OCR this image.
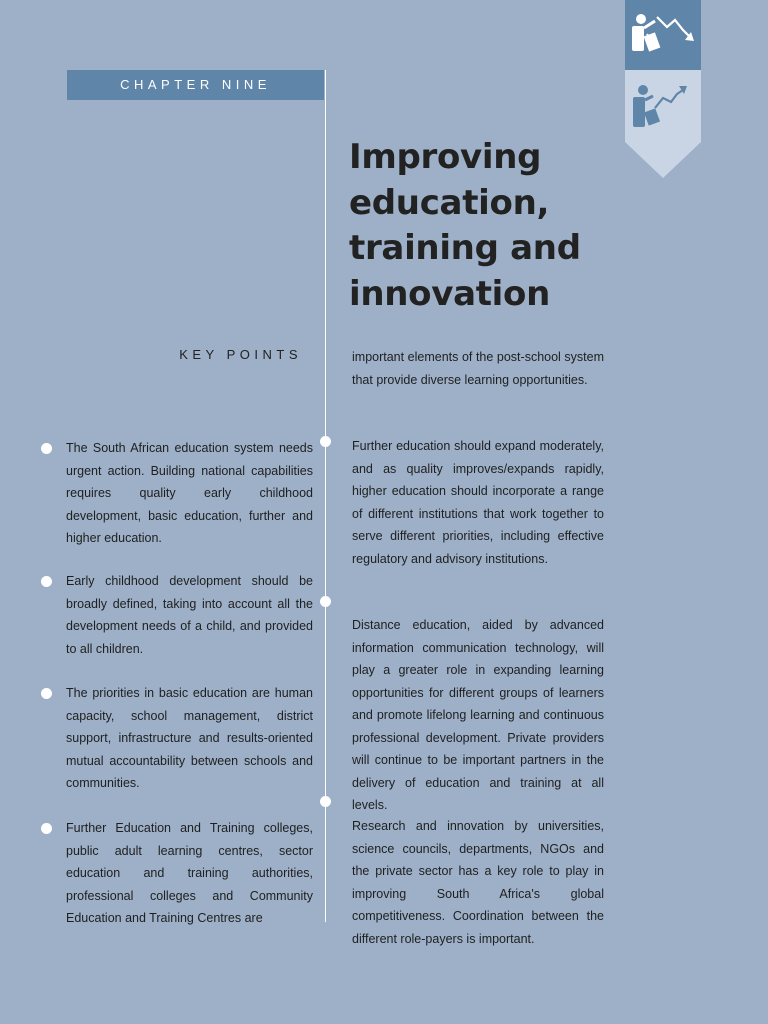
CHAPTER NINE
Improving
education,
training and
innovation
KEY POINTS

The South African education system needs urgent action. Building national capabilities requires quality early childhood development, basic education, further and higher education.

Early childhood development should be broadly defined, taking into account all the development needs of a child, and provided to all children.

The priorities in basic education are human capacity, school management, district support, infrastructure and results-oriented mutual accountability between schools and communities.

Further Education and Training colleges, public adult learning centres, sector education and training authorities, professional colleges and Community Education and Training Centres are

important elements of the post-school system that provide diverse learning opportunities.

Further education should expand moderately, and as quality improves/expands rapidly, higher education should incorporate a range of different institutions that work together to serve different priorities, including effective regulatory and advisory institutions.

Distance education, aided by advanced information communication technology, will play a greater role in expanding learning opportunities for different groups of learners and promote lifelong learning and continuous professional development. Private providers will continue to be important partners in the delivery of education and training at all levels.

Research and innovation by universities, science councils, departments, NGOs and the private sector has a key role to play in improving South Africa's global competitiveness. Coordination between the different role-payers is important.
